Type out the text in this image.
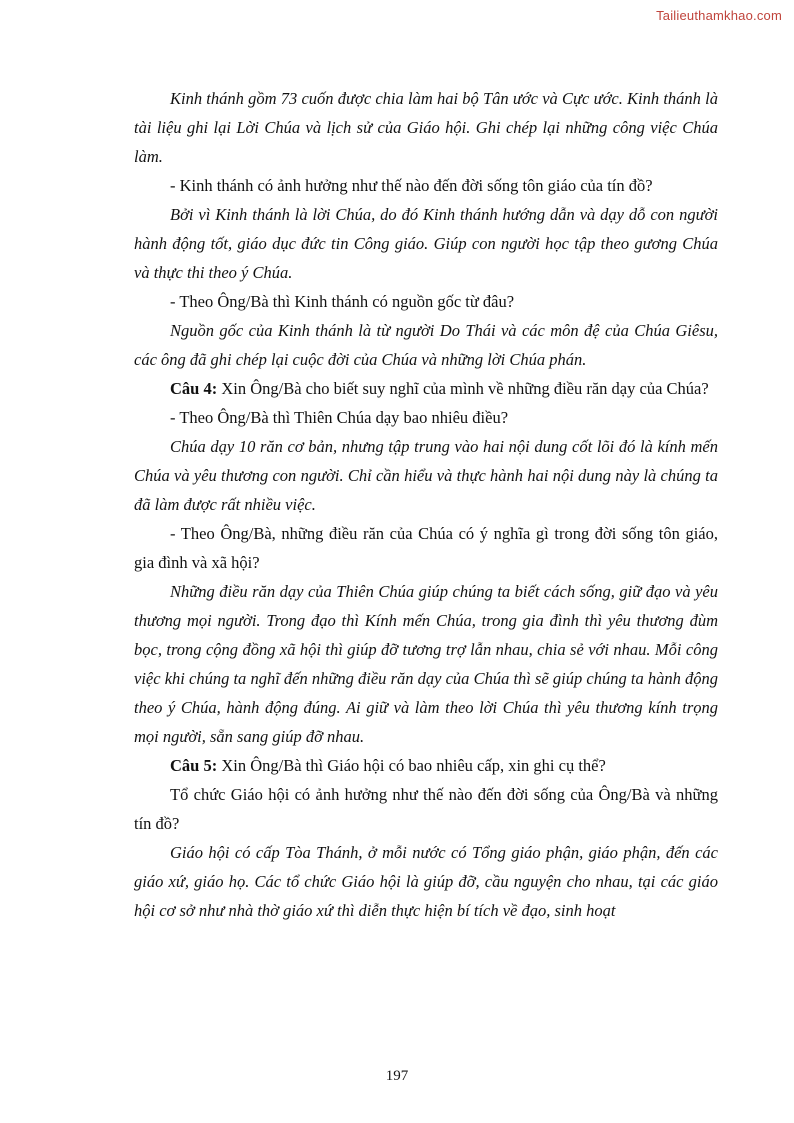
Tailieuthamkhao.com

Kinh thánh gồm 73 cuốn được chia làm hai bộ Tân ước và Cực ước. Kinh thánh là tài liệu ghi lại Lời Chúa và lịch sử của Giáo hội. Ghi chép lại những công việc Chúa làm.

- Kinh thánh có ảnh hưởng như thế nào đến đời sống tôn giáo của tín đồ?

Bởi vì Kinh thánh là lời Chúa, do đó Kinh thánh hướng dẫn và dạy dỗ con người hành động tốt, giáo dục đức tin Công giáo. Giúp con người học tập theo gương Chúa và thực thi theo ý Chúa.

- Theo Ông/Bà thì Kinh thánh có nguồn gốc từ đâu?

Nguồn gốc của Kinh thánh là từ người Do Thái và các môn đệ của Chúa Giêsu, các ông đã ghi chép lại cuộc đời của Chúa và những lời Chúa phán.

Câu 4: Xin Ông/Bà cho biết suy nghĩ của mình về những điều răn dạy của Chúa?

- Theo Ông/Bà thì Thiên Chúa dạy bao nhiêu điều?

Chúa dạy 10 răn cơ bản, nhưng tập trung vào hai nội dung cốt lõi đó là kính mến Chúa và yêu thương con người. Chỉ cần hiểu và thực hành hai nội dung này là chúng ta đã làm được rất nhiều việc.

- Theo Ông/Bà, những điều răn của Chúa có ý nghĩa gì trong đời sống tôn giáo, gia đình và xã hội?

Những điều răn dạy của Thiên Chúa giúp chúng ta biết cách sống, giữ đạo và yêu thương mọi người. Trong đạo thì Kính mến Chúa, trong gia đình thì yêu thương đùm bọc, trong cộng đồng xã hội thì giúp đỡ tương trợ lẫn nhau, chia sẻ với nhau. Mỗi công việc khi chúng ta nghĩ đến những điều răn dạy của Chúa thì sẽ giúp chúng ta hành động theo ý Chúa, hành động đúng. Ai giữ và làm theo lời Chúa thì yêu thương kính trọng mọi người, sẵn sang giúp đỡ nhau.

Câu 5: Xin Ông/Bà thì Giáo hội có bao nhiêu cấp, xin ghi cụ thể?

Tổ chức Giáo hội có ảnh hưởng như thế nào đến đời sống của Ông/Bà và những tín đồ?

Giáo hội có cấp Tòa Thánh, ở mỗi nước có Tổng giáo phận, giáo phận, đến các giáo xứ, giáo họ. Các tổ chức Giáo hội là giúp đỡ, cầu nguyện cho nhau, tại các giáo hội cơ sở như nhà thờ giáo xứ thì diễn thực hiện bí tích về đạo, sinh hoạt

197
